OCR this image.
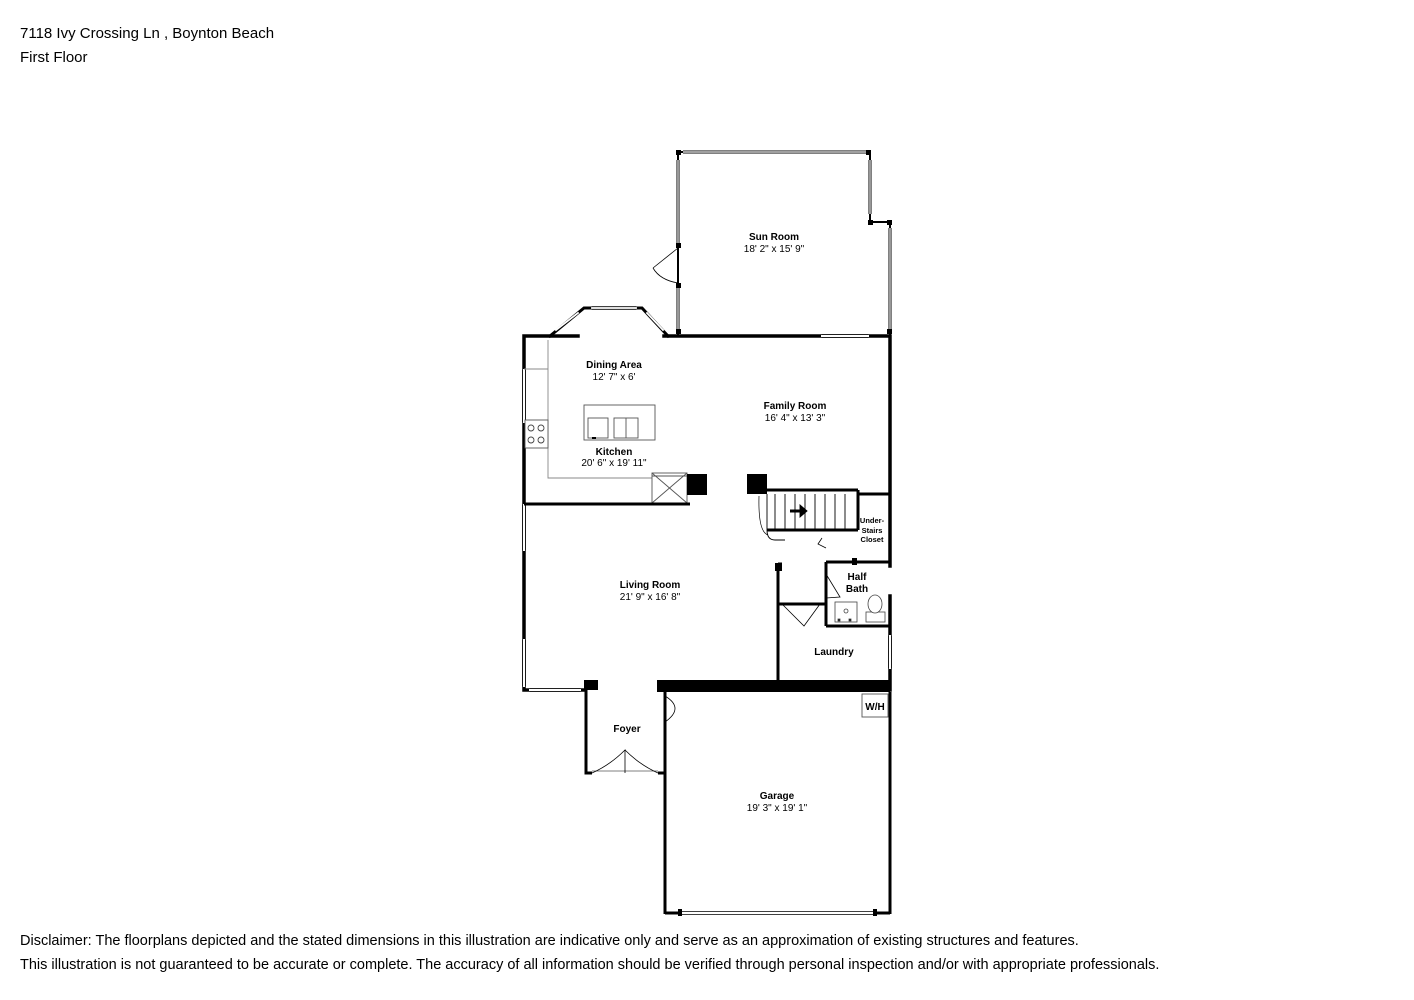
7118 Ivy Crossing Ln , Boynton Beach
First Floor
Sun Room
18' 2" x 15' 9"
Dining Area
12' 7" x 6'
Family Room
16' 4" x 13' 3"
Kitchen
20' 6" x 19' 11"
Under-
Stairs
Closet
Living Room
21' 9" x 16' 8"
Half
Bath
Laundry
W/H
Foyer
Garage
19' 3" x 19' 1"
Disclaimer: The floorplans depicted and the stated dimensions in this illustration are indicative only and serve as an approximation of existing structures and features.
This illustration is not guaranteed to be accurate or complete. The accuracy of all information should be verified through personal inspection and/or with appropriate professionals.
